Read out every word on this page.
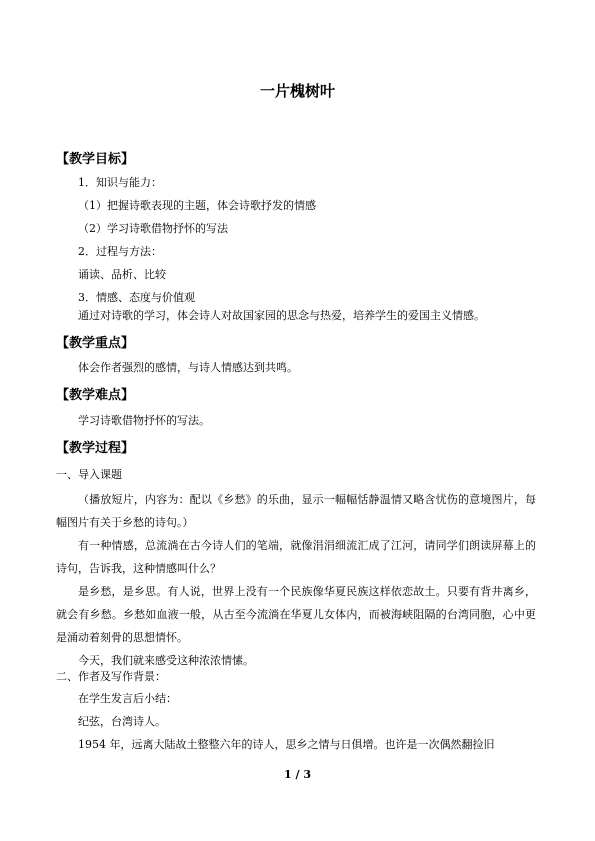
一片槐树叶
【教学目标】
1．知识与能力：
（1）把握诗歌表现的主题，体会诗歌抒发的情感
（2）学习诗歌借物抒怀的写法
2．过程与方法：
诵读、品析、比较
3．情感、态度与价值观
通过对诗歌的学习，体会诗人对故国家园的思念与热爱，培养学生的爱国主义情感。
【教学重点】
体会作者强烈的感情，与诗人情感达到共鸣。
【教学难点】
学习诗歌借物抒怀的写法。
【教学过程】
一、导入课题
（播放短片，内容为：配以《乡愁》的乐曲，显示一幅幅恬静温情又略含忧伤的意境图片，每幅图片有关于乡愁的诗句。）
有一种情感，总流淌在古今诗人们的笔端，就像涓涓细流汇成了江河，请同学们朗读屏幕上的诗句，告诉我，这种情感叫什么？
是乡愁，是乡思。有人说，世界上没有一个民族像华夏民族这样依恋故土。只要有背井离乡，就会有乡愁。乡愁如血液一般，从古至今流淌在华夏儿女体内，而被海峡阻隔的台湾同胞，心中更是涌动着刻骨的思想情怀。
今天，我们就来感受这种浓浓情愫。
二、作者及写作背景：
在学生发言后小结：
纪弦，台湾诗人。
1954 年，远离大陆故土整整六年的诗人，思乡之情与日俱增。也许是一次偶然翻捡旧
1 / 3
